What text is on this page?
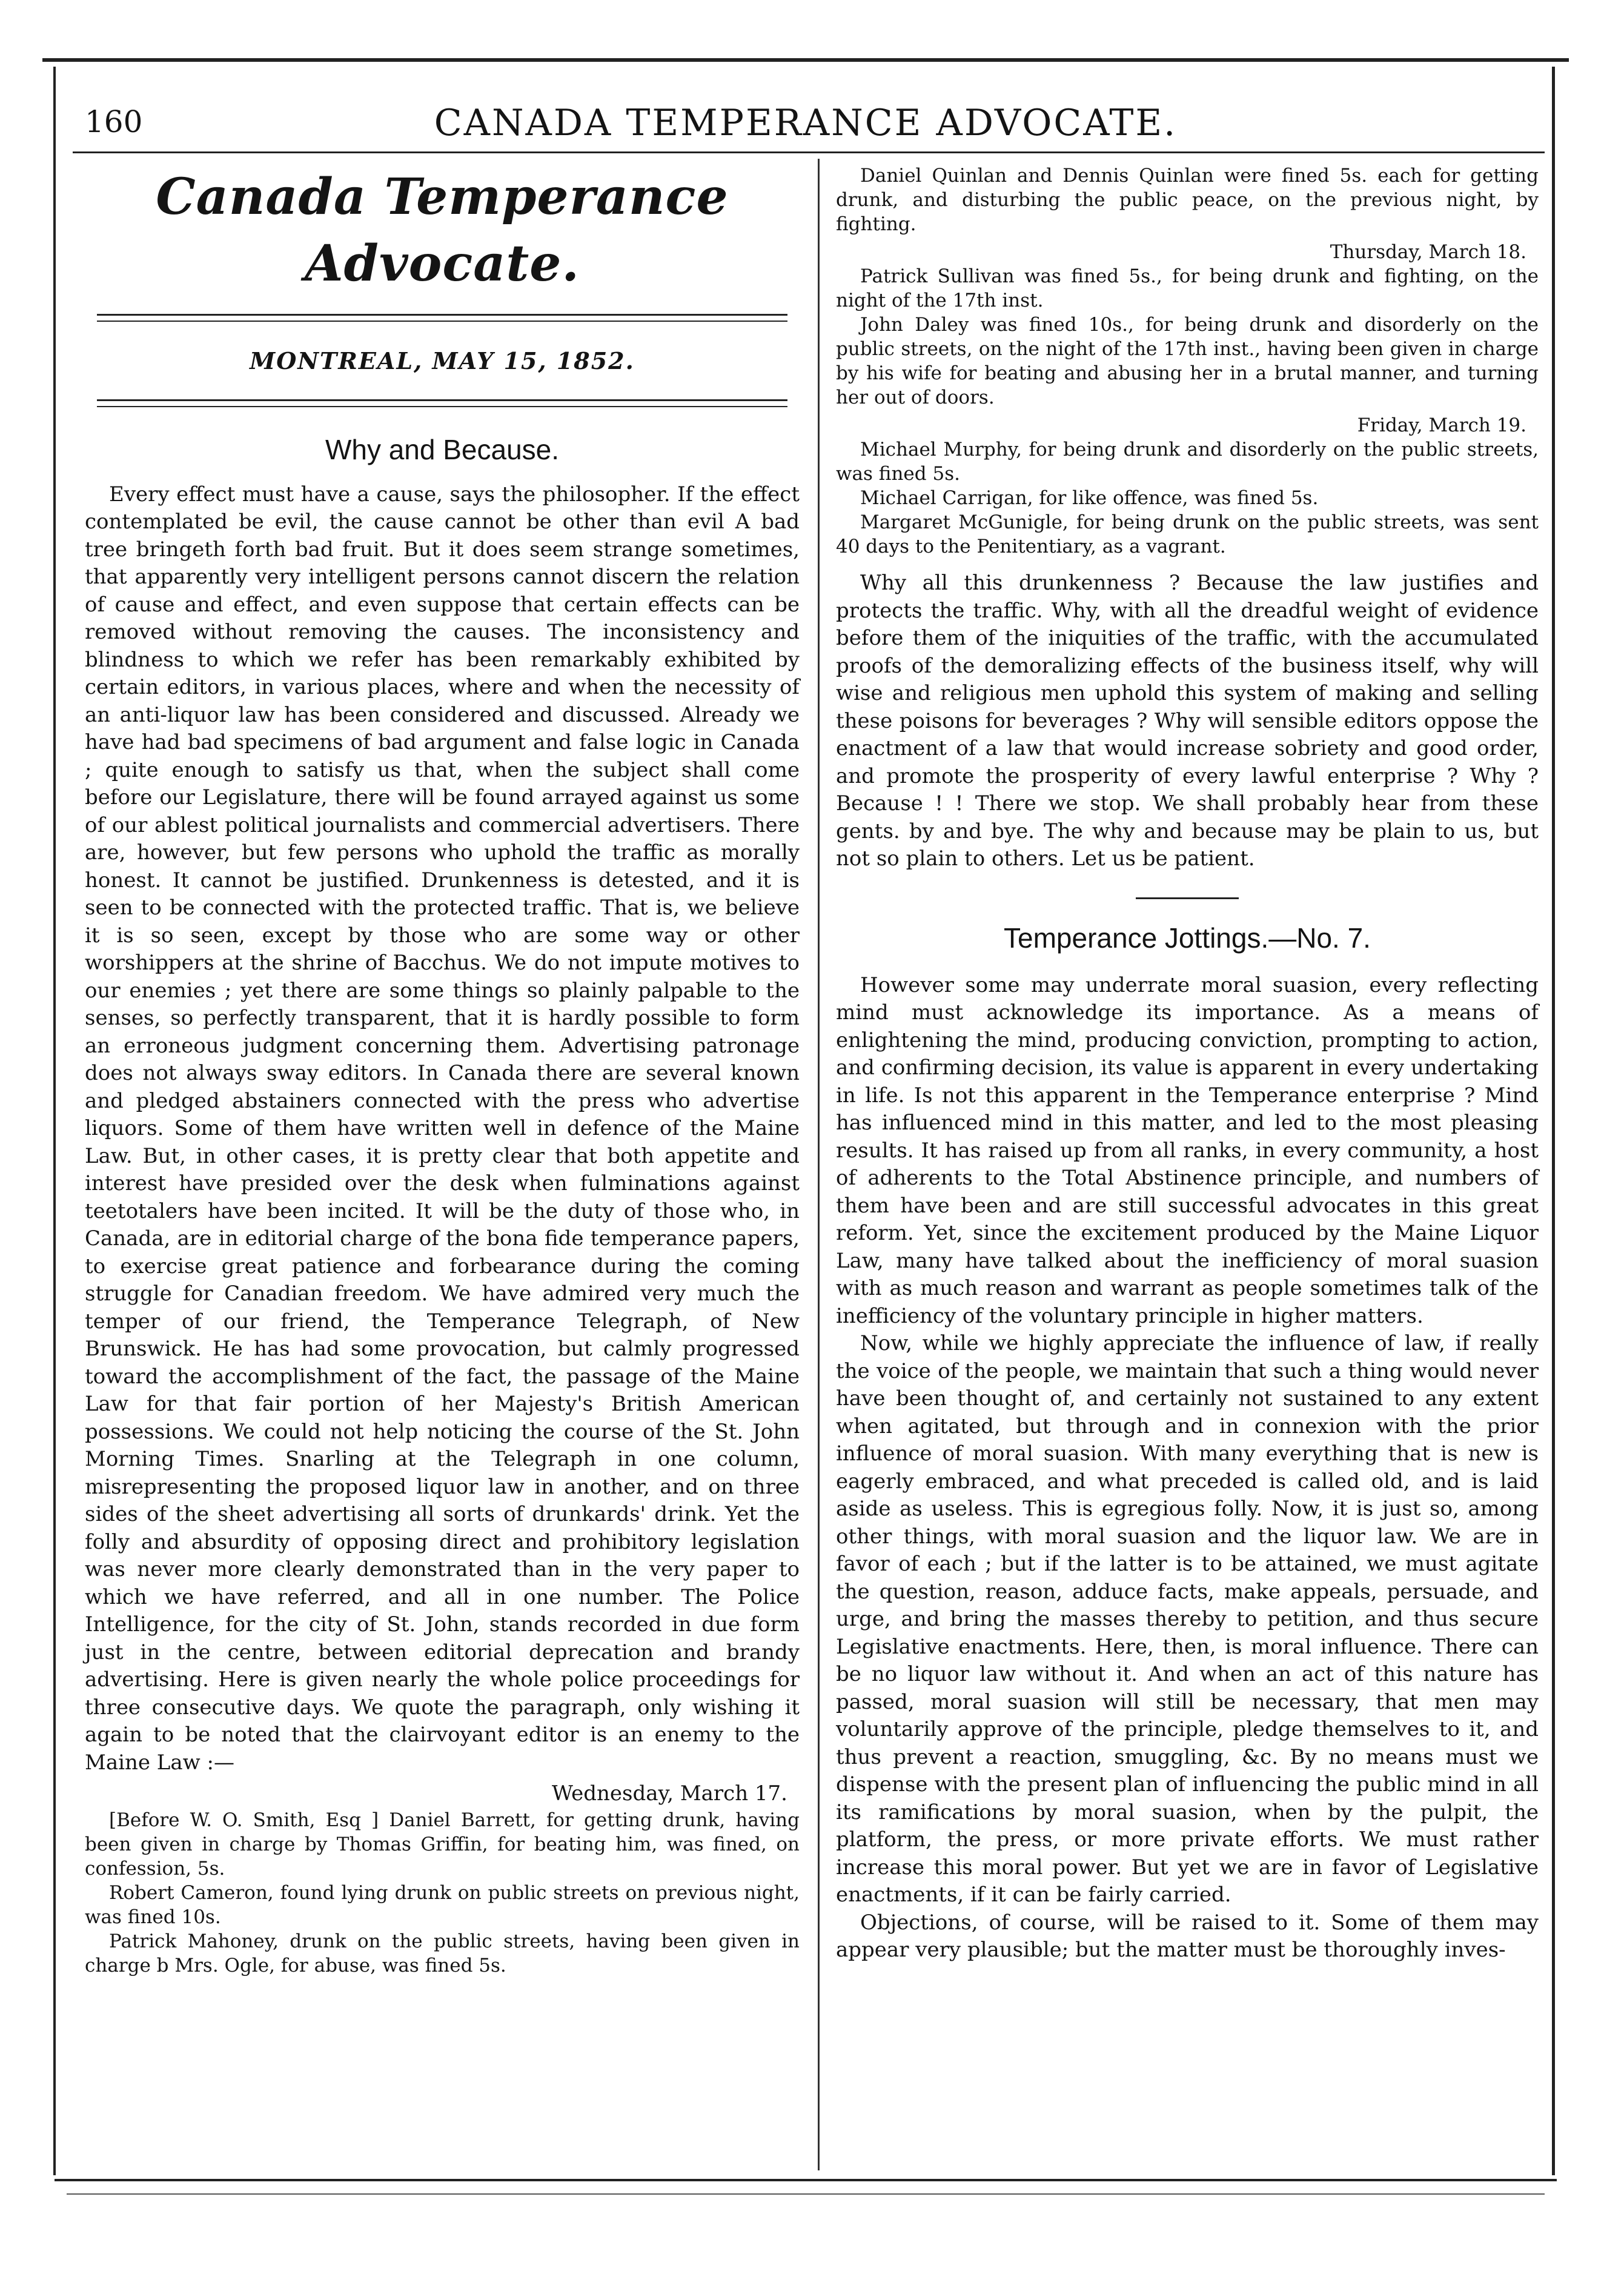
160	CANADA TEMPERANCE ADVOCATE.
Canada Temperance Advocate.
MONTREAL, MAY 15, 1852.
Why and Because.

Every effect must have a cause, says the philosopher. If the effect contemplated be evil, the cause cannot be other than evil A bad tree bringeth forth bad fruit. But it does seem strange sometimes, that apparently very intelligent persons cannot discern the relation of cause and effect, and even suppose that certain effects can be removed without removing the causes. The inconsistency and blindness to which we refer has been remarkably exhibited by certain editors, in various places, where and when the necessity of an anti-liquor law has been considered and discussed. Already we have had bad specimens of bad argument and false logic in Canada ; quite enough to satisfy us that, when the subject shall come before our Legislature, there will be found arrayed against us some of our ablest political journalists and commercial advertisers. There are, however, but few persons who uphold the traffic as morally honest. It cannot be justified. Drunkenness is detested, and it is seen to be connected with the protected traffic. That is, we believe it is so seen, except by those who are some way or other worshippers at the shrine of Bacchus. We do not impute motives to our enemies ; yet there are some things so plainly palpable to the senses, so perfectly transparent, that it is hardly possible to form an erroneous judgment concerning them. Advertising patronage does not always sway editors. In Canada there are several known and pledged abstainers connected with the press who advertise liquors. Some of them have written well in defence of the Maine Law. But, in other cases, it is pretty clear that both appetite and interest have presided over the desk when fulminations against teetotalers have been incited. It will be the duty of those who, in Canada, are in editorial charge of the bona fide temperance papers, to exercise great patience and forbearance during the coming struggle for Canadian freedom. We have admired very much the temper of our friend, the Temperance Telegraph, of New Brunswick. He has had some provocation, but calmly progressed toward the accomplishment of the fact, the passage of the Maine Law for that fair portion of her Majesty's British American possessions. We could not help noticing the course of the St. John Morning Times. Snarling at the Telegraph in one column, misrepresenting the proposed liquor law in another, and on three sides of the sheet advertising all sorts of drunkards' drink. Yet the folly and absurdity of opposing direct and prohibitory legislation was never more clearly demonstrated than in the very paper to which we have referred, and all in one number. The Police Intelligence, for the city of St. John, stands recorded in due form just in the centre, between editorial deprecation and brandy advertising. Here is given nearly the whole police proceedings for three consecutive days. We quote the paragraph, only wishing it again to be noted that the clairvoyant editor is an enemy to the Maine Law :—

Wednesday, March 17.

[Before W. O. Smith, Esq ] Daniel Barrett, for getting drunk, having been given in charge by Thomas Griffin, for beating him, was fined, on confession, 5s.

Robert Cameron, found lying drunk on public streets on previous night, was fined 10s.

Patrick Mahoney, drunk on the public streets, having been given in charge b Mrs. Ogle, for abuse, was fined 5s.

Daniel Quinlan and Dennis Quinlan were fined 5s. each for getting drunk, and disturbing the public peace, on the previous night, by fighting.

Thursday, March 18.

Patrick Sullivan was fined 5s., for being drunk and fighting, on the night of the 17th inst.

John Daley was fined 10s., for being drunk and disorderly on the public streets, on the night of the 17th inst., having been given in charge by his wife for beating and abusing her in a brutal manner, and turning her out of doors.

Friday, March 19.

Michael Murphy, for being drunk and disorderly on the public streets, was fined 5s.

Michael Carrigan, for like offence, was fined 5s.

Margaret McGunigle, for being drunk on the public streets, was sent 40 days to the Penitentiary, as a vagrant.

Why all this drunkenness ? Because the law justifies and protects the traffic. Why, with all the dreadful weight of evidence before them of the iniquities of the traffic, with the accumulated proofs of the demoralizing effects of the business itself, why will wise and religious men uphold this system of making and selling these poisons for beverages ? Why will sensible editors oppose the enactment of a law that would increase sobriety and good order, and promote the prosperity of every lawful enterprise ? Why ? Because ! ! There we stop. We shall probably hear from these gents. by and bye. The why and because may be plain to us, but not so plain to others. Let us be patient.

Temperance Jottings.—No. 7.

However some may underrate moral suasion, every reflecting mind must acknowledge its importance. As a means of enlightening the mind, producing conviction, prompting to action, and confirming decision, its value is apparent in every undertaking in life. Is not this apparent in the Temperance enterprise ? Mind has influenced mind in this matter, and led to the most pleasing results. It has raised up from all ranks, in every community, a host of adherents to the Total Abstinence principle, and numbers of them have been and are still successful advocates in this great reform. Yet, since the excitement produced by the Maine Liquor Law, many have talked about the inefficiency of moral suasion with as much reason and warrant as people sometimes talk of the inefficiency of the voluntary principle in higher matters.

Now, while we highly appreciate the influence of law, if really the voice of the people, we maintain that such a thing would never have been thought of, and certainly not sustained to any extent when agitated, but through and in connexion with the prior influence of moral suasion. With many everything that is new is eagerly embraced, and what preceded is called old, and is laid aside as useless. This is egregious folly. Now, it is just so, among other things, with moral suasion and the liquor law. We are in favor of each ; but if the latter is to be attained, we must agitate the question, reason, adduce facts, make appeals, persuade, and urge, and bring the masses thereby to petition, and thus secure Legislative enactments. Here, then, is moral influence. There can be no liquor law without it. And when an act of this nature has passed, moral suasion will still be necessary, that men may voluntarily approve of the principle, pledge themselves to it, and thus prevent a reaction, smuggling, &c. By no means must we dispense with the present plan of influencing the public mind in all its ramifications by moral suasion, when by the pulpit, the platform, the press, or more private efforts. We must rather increase this moral power. But yet we are in favor of Legislative enactments, if it can be fairly carried.

Objections, of course, will be raised to it. Some of them may appear very plausible; but the matter must be thoroughly inves-
